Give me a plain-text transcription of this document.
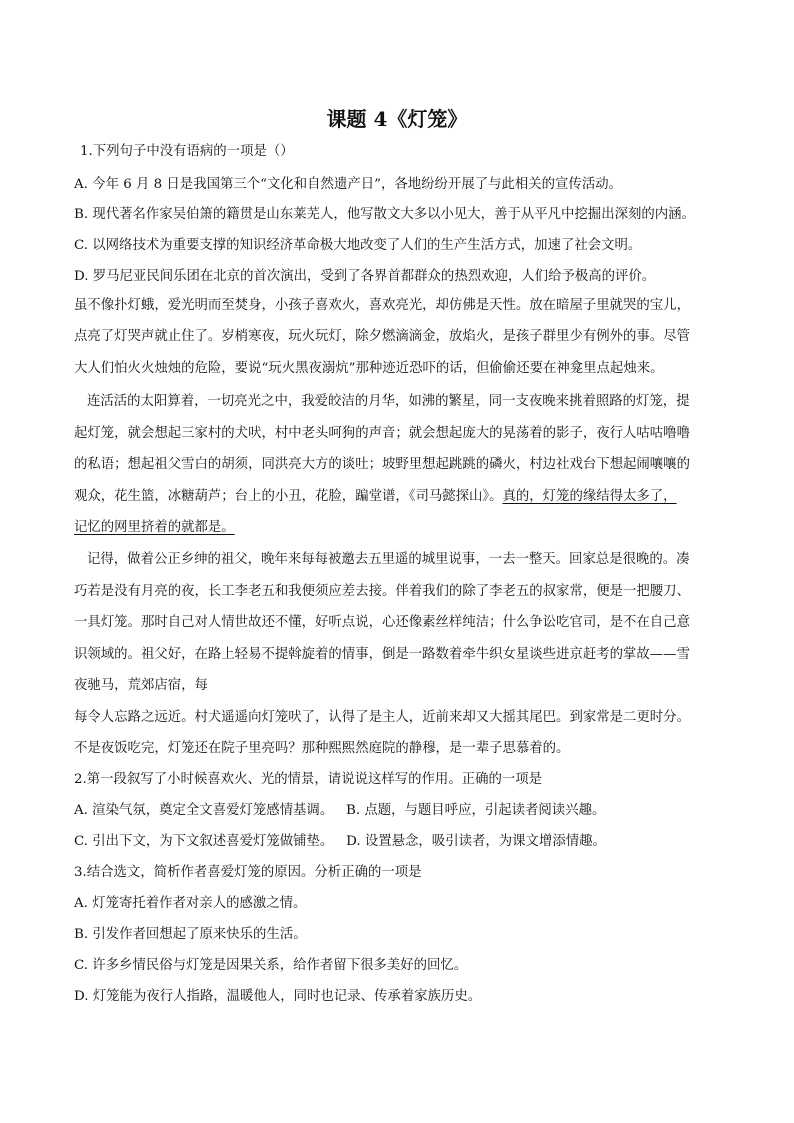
课题 4《灯笼》
1.下列句子中没有语病的一项是（）
A. 今年 6 月 8 日是我国第三个“文化和自然遗产日”，各地纷纷开展了与此相关的宣传活动。
B. 现代著名作家吴伯箫的籍贯是山东莱芜人，他写散文大多以小见大，善于从平凡中挖掘出深刻的内涵。
C. 以网络技术为重要支撑的知识经济革命极大地改变了人们的生产生活方式，加速了社会文明。
D. 罗马尼亚民间乐团在北京的首次演出，受到了各界首都群众的热烈欢迎，人们给予极高的评价。
虽不像扑灯蛾，爱光明而至焚身，小孩子喜欢火，喜欢亮光，却仿佛是天性。放在暗屋子里就哭的宝儿，
点亮了灯哭声就止住了。岁梢寒夜，玩火玩灯，除夕燃滴滴金，放焰火，是孩子群里少有例外的事。尽管
大人们怕火火烛烛的危险，要说“玩火黑夜溺炕”那种迹近恐吓的话，但偷偷还要在神龛里点起烛来。
连活活的太阳算着，一切亮光之中，我爱皎洁的月华，如沸的繁星，同一支夜晚来挑着照路的灯笼，提
起灯笼，就会想起三家村的犬吠，村中老头呵狗的声音；就会想起庞大的晃荡着的影子，夜行人咕咕噜噜
的私语；想起祖父雪白的胡须，同洪亮大方的谈吐；坡野里想起跳跳的磷火，村边社戏台下想起闹嚷嚷的
观众，花生篮，冰糖葫芦；台上的小丑，花脸，蹁堂谱，《司马懿探山》。真的，灯笼的缘结得太多了，
记忆的网里挤着的就都是。
记得，做着公正乡绅的祖父，晚年来每每被邀去五里遥的城里说事，一去一整天。回家总是很晚的。凑
巧若是没有月亮的夜，长工李老五和我便须应差去接。伴着我们的除了李老五的叔家常，便是一把腰刀、
一具灯笼。那时自己对人情世故还不懂，好听点说，心还像素丝样纯洁；什么争讼吃官司，是不在自己意
识领域的。祖父好，在路上轻易不提斡旋着的情事，倒是一路数着牵牛织女星谈些进京赶考的掌故——雪
夜驰马，荒郊店宿，每
每令人忘路之远近。村犬遥遥向灯笼吠了，认得了是主人，近前来却又大摇其尾巴。到家常是二更时分。
不是夜饭吃完，灯笼还在院子里亮吗？那种熙熙然庭院的静穆，是一辈子思慕着的。
2.第一段叙写了小时候喜欢火、光的情景，请说说这样写的作用。正确的一项是
A. 渲染气氛，奠定全文喜爱灯笼感情基调。   B. 点题，与题目呼应，引起读者阅读兴趣。
C. 引出下文，为下文叙述喜爱灯笼做铺垫。   D. 设置悬念，吸引读者，为课文增添情趣。
3.结合选文，简析作者喜爱灯笼的原因。分析正确的一项是
A. 灯笼寄托着作者对亲人的感激之情。
B. 引发作者回想起了原来快乐的生活。
C. 许多乡情民俗与灯笼是因果关系，给作者留下很多美好的回忆。
D. 灯笼能为夜行人指路，温暖他人，同时也记录、传承着家族历史。
